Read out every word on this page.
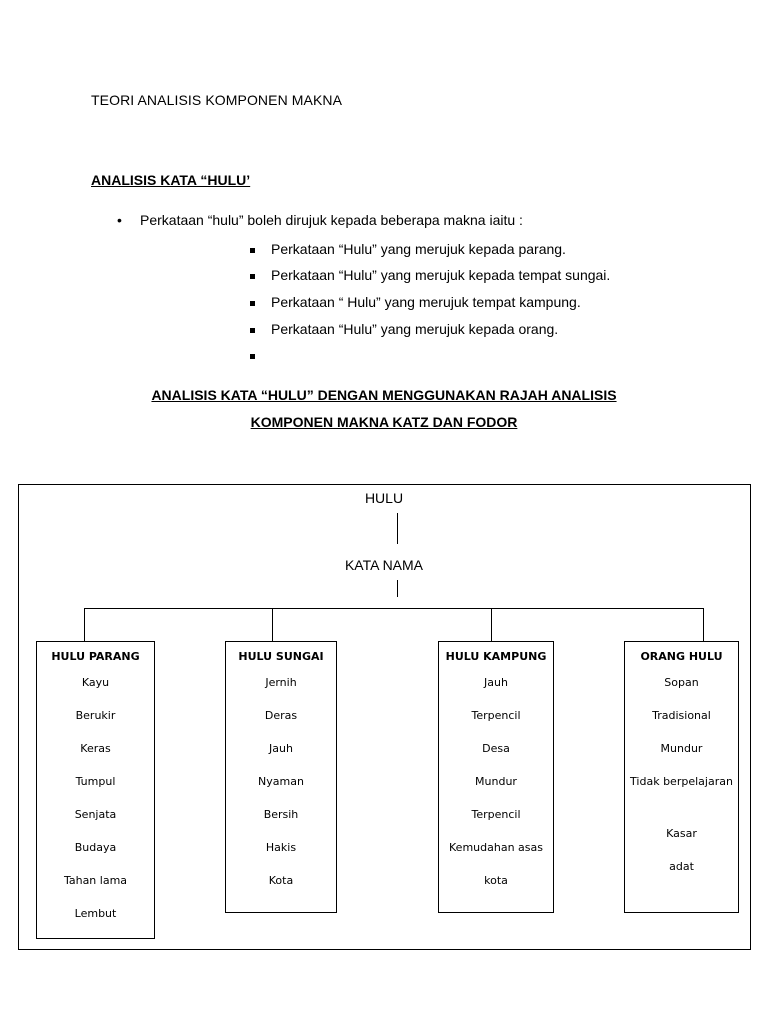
TEORI ANALISIS KOMPONEN MAKNA
ANALISIS KATA “HULU’
• Perkataan “hulu” boleh dirujuk kepada beberapa makna iaitu :
Perkataan “Hulu” yang merujuk kepada parang.
Perkataan “Hulu” yang merujuk kepada tempat sungai.
Perkataan “ Hulu” yang merujuk tempat kampung.
Perkataan “Hulu” yang merujuk kepada orang.
ANALISIS KATA “HULU” DENGAN MENGGUNAKAN RAJAH ANALISIS
KOMPONEN MAKNA KATZ DAN FODOR
HULU
KATA NAMA
HULU PARANG
Kayu
Berukir
Keras
Tumpul
Senjata
Budaya
Tahan lama
Lembut
HULU SUNGAI
Jernih
Deras
Jauh
Nyaman
Bersih
Hakis
Kota
HULU KAMPUNG
Jauh
Terpencil
Desa
Mundur
Terpencil
Kemudahan asas
kota
ORANG HULU
Sopan
Tradisional
Mundur
Tidak berpelajaran
Kasar
adat
